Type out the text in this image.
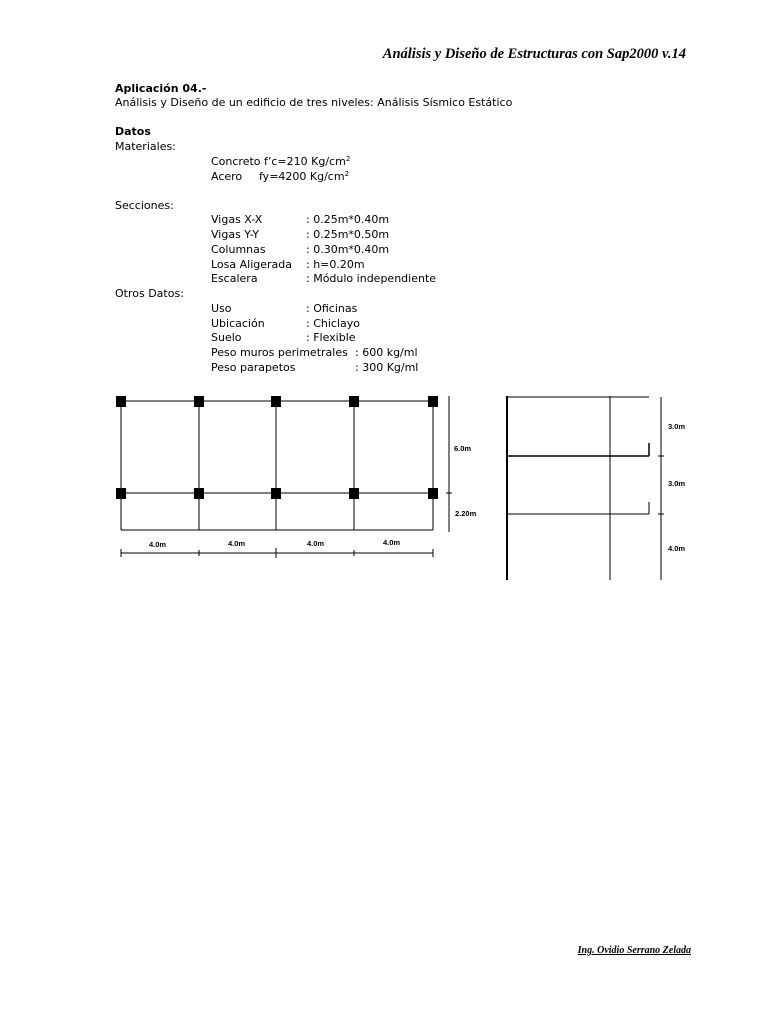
Análisis y Diseño de Estructuras con Sap2000 v.14
Aplicación 04.-
Análisis y Diseño de un edificio de tres niveles: Análisis Sísmico Estático
Datos
Materiales:
Concreto f’c=210 $Kg/cm^2$
Acero fy=4200 $Kg/cm^2$
Secciones:
Vigas X-X	: 0.25m*0.40m
Vigas Y-Y	: 0.25m*0.50m
Columnas	: 0.30m*0.40m
Losa Aligerada : h=0.20m
Escalera	: Módulo independiente
Otros Datos:
Uso	: Oficinas
Ubicación	: Chiclayo
Suelo	: Flexible
Peso muros perimetrales : 600 kg/ml
Peso parapetos	: 300 Kg/ml
4.0m	4.0m	4.0m	4.0m
6.0m
2.20m
3.0m
3.0m
4.0m
Ing. Ovidio Serrano Zelada
